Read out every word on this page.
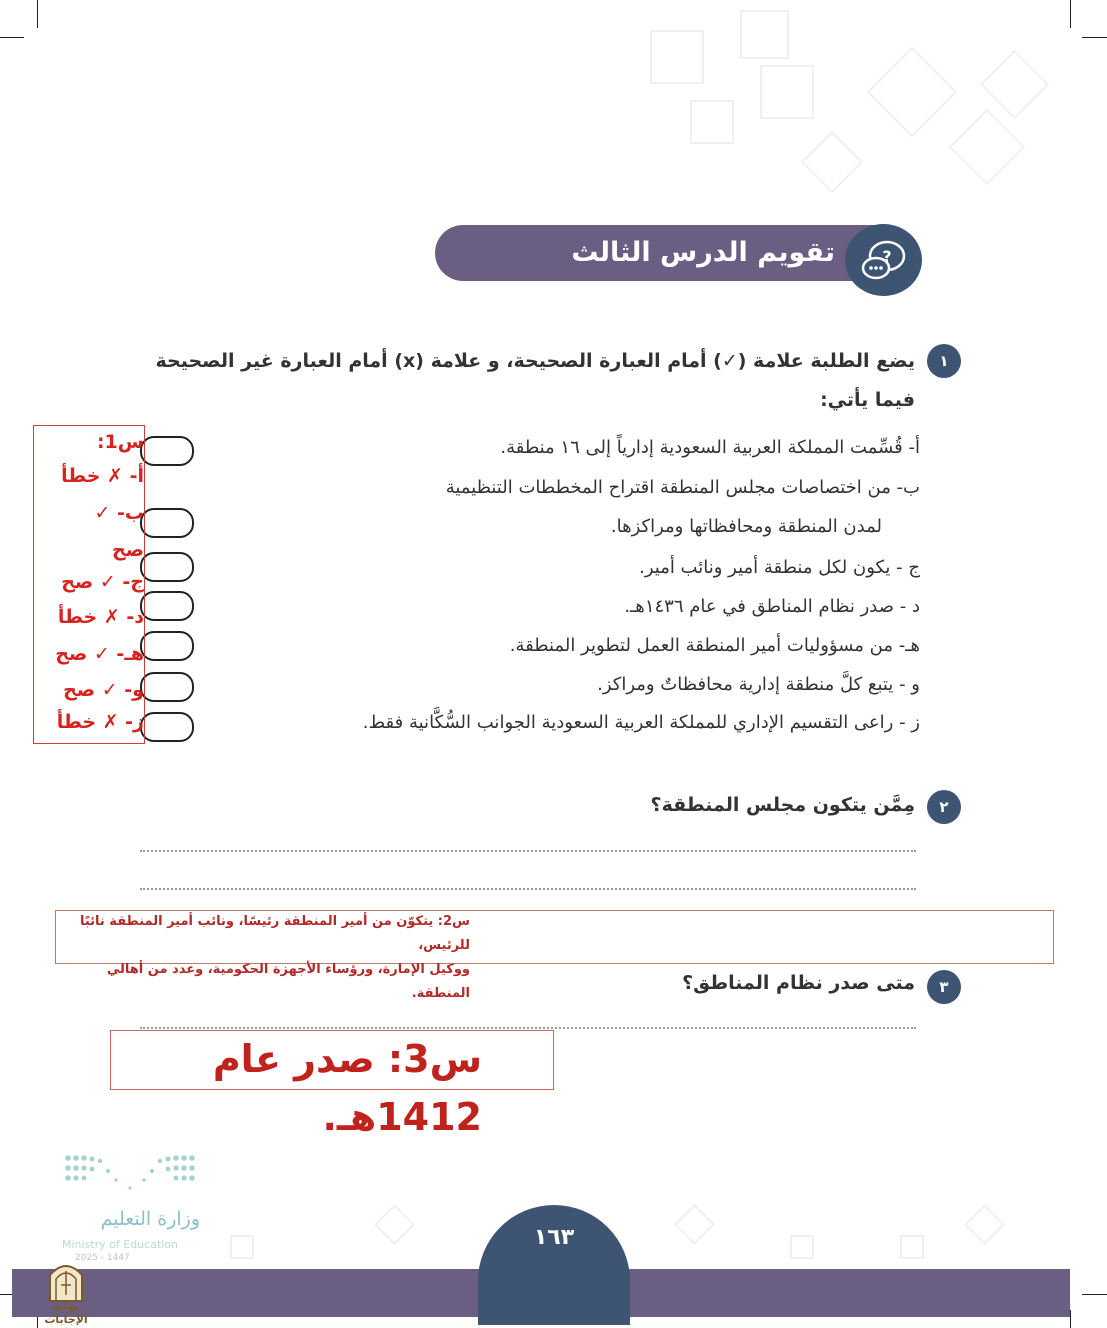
تقويم الدرس الثالث والعشرين
?
١
يضع الطلبة علامة (✓) أمام العبارة الصحيحة، و علامة (x) أمام العبارة غير الصحيحة فيما يأتي:
أ- قُسِّمت المملكة العربية السعودية إدارياً إلى ١٦ منطقة.
ب- من اختصاصات مجلس المنطقة اقتراح المخططات التنظيمية
لمدن المنطقة ومحافظاتها ومراكزها.
ج - يكون لكل منطقة أمير ونائب أمير.
د - صدر نظام المناطق في عام ١٤٣٦هـ.
هـ- من مسؤوليات أمير المنطقة العمل لتطوير المنطقة.
و - يتبع كلَّ منطقة إدارية محافظاتٌ ومراكز.
ز - راعى التقسيم الإداري للمملكة العربية السعودية الجوانب السُّكَّانية فقط.
س1:
أ- ✗ خطأ
ب- ✓
صح
ج- ✓ صح
د- ✗ خطأ
هـ- ✓ صح
و- ✓ صح
ز- ✗ خطأ
٢
مِمَّن يتكون مجلس المنطقة؟
س2: يتكوّن من أمير المنطقة رئيسًا، ونائب أمير المنطقة نائبًا للرئيس،
ووكيل الإمارة، ورؤساء الأجهزة الحكومية، وعدد من أهالي المنطقة.	٣
متى صدر نظام المناطق؟
س3: صدر عام 1412هـ.
وزارة التعليم
Ministry of Education
2025 - 1447
١٦٣
بوابة الإجابات
